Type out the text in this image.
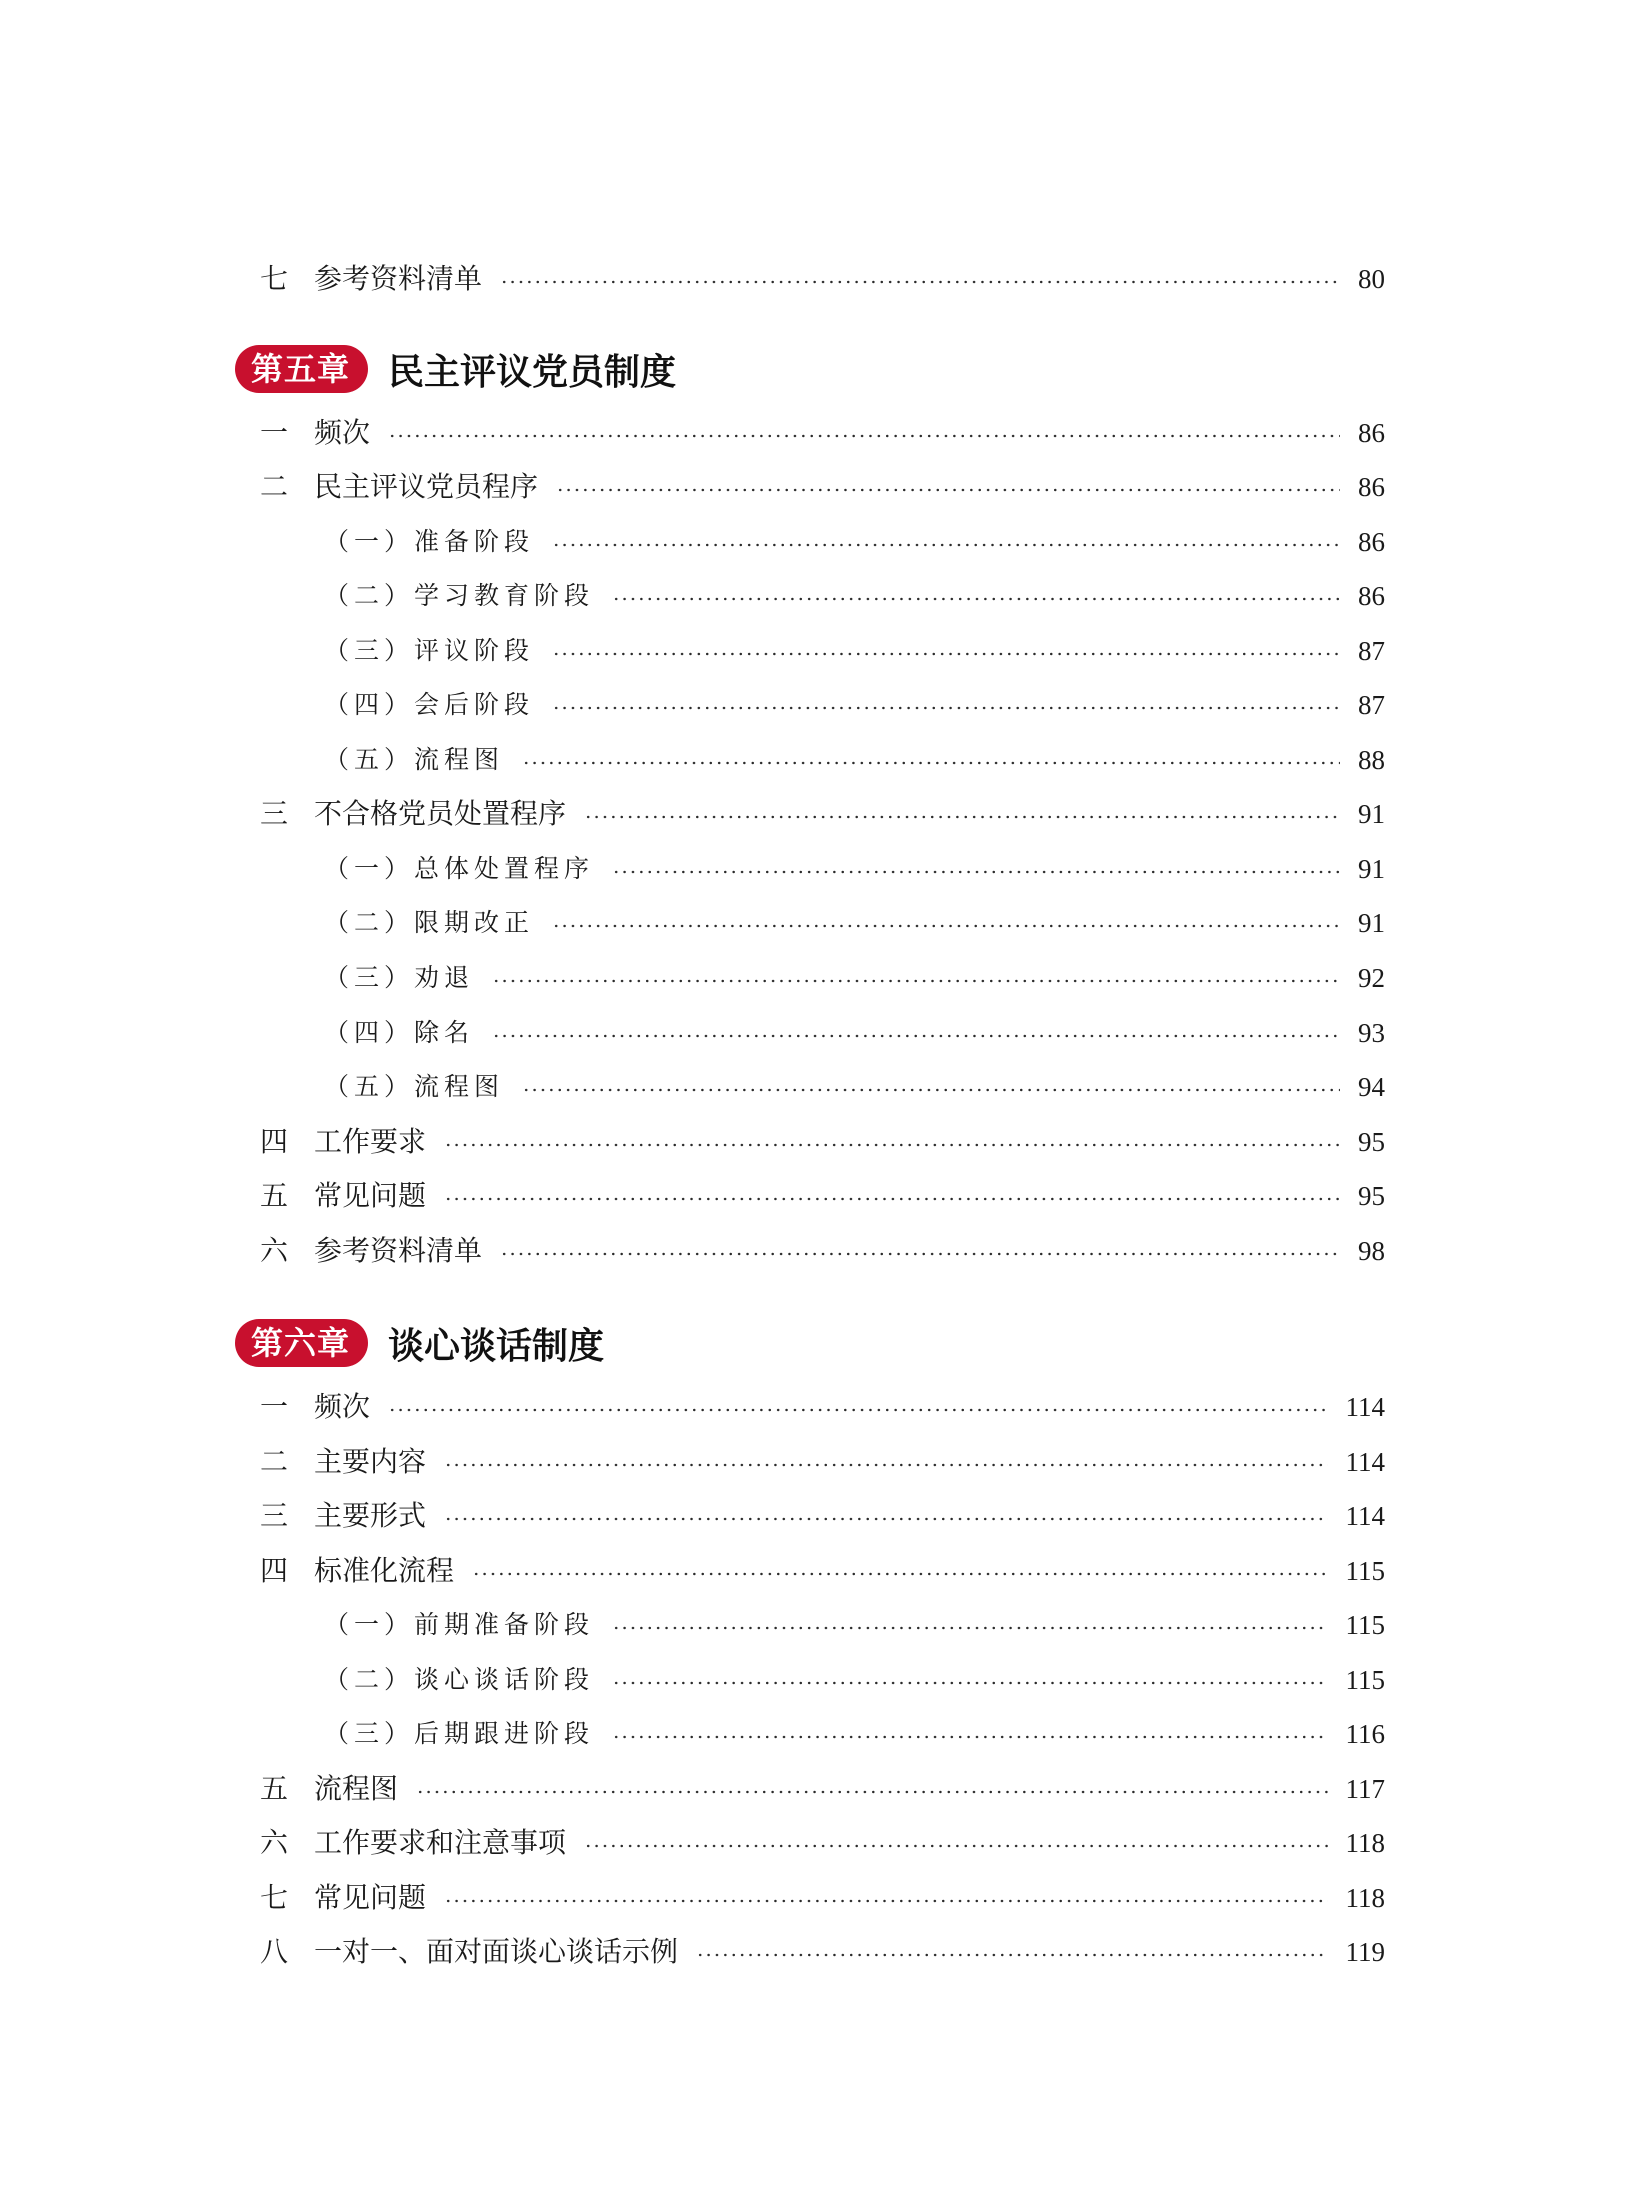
七 参考资料清单	80
第五章	民主评议党员制度
一 频次	86
二 民主评议党员程序	86
（一） 准备阶段	86
（二） 学习教育阶段	86
（三） 评议阶段	87
（四） 会后阶段	87
（五） 流程图	88
三 不合格党员处置程序	91
（一） 总体处置程序	91
（二） 限期改正	91
（三） 劝退	92
（四） 除名	93
（五） 流程图	94
四 工作要求	95
五 常见问题	95
六 参考资料清单	98
第六章	谈心谈话制度
一 频次	114
二 主要内容	114
三 主要形式	114
四 标准化流程	115
（一） 前期准备阶段	115
（二） 谈心谈话阶段	115
（三） 后期跟进阶段	116
五 流程图	117
六 工作要求和注意事项	118
七 常见问题	118
八 一对一、面对面谈心谈话示例	119
